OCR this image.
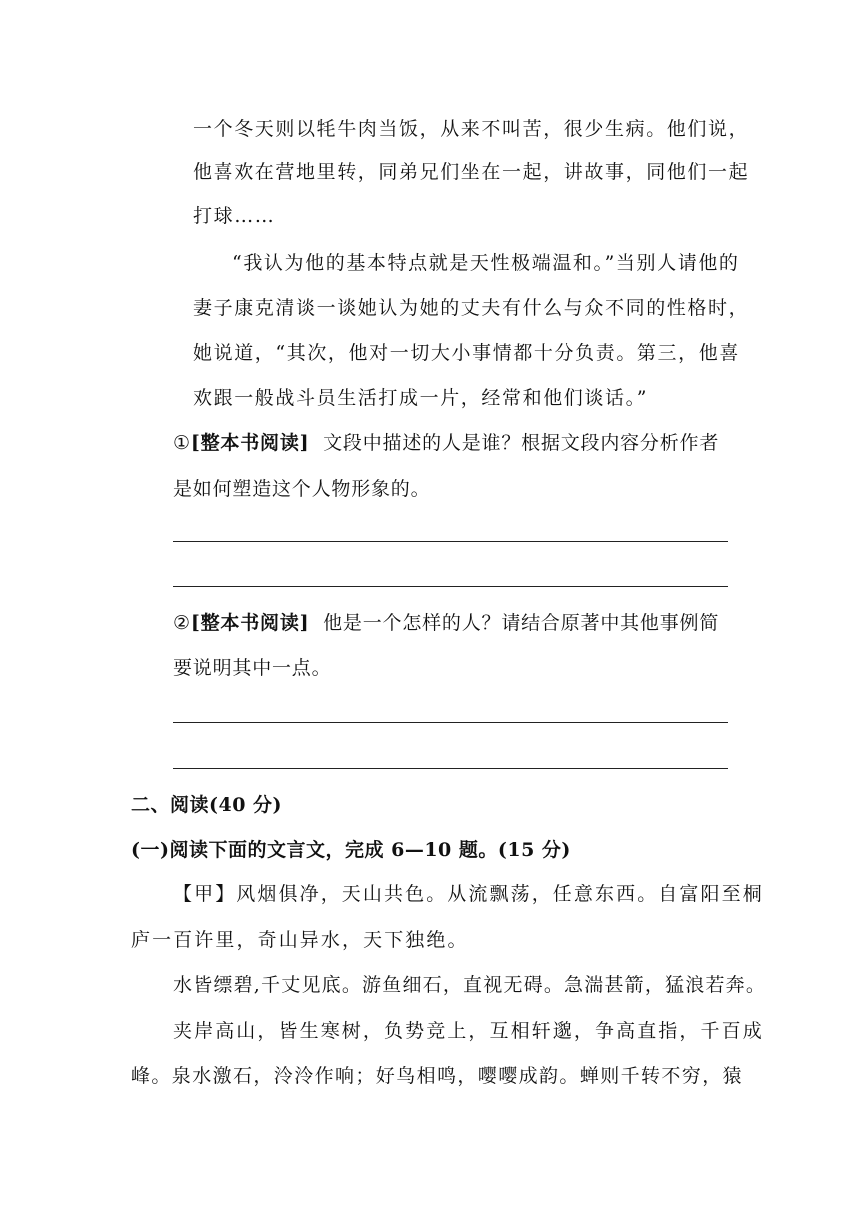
一个冬天则以牦牛肉当饭，从来不叫苦，很少生病。他们说，
他喜欢在营地里转，同弟兄们坐在一起，讲故事，同他们一起
打球……
“我认为他的基本特点就是天性极端温和。”当别人请他的
妻子康克清谈一谈她认为她的丈夫有什么与众不同的性格时，
她说道，“其次，他对一切大小事情都十分负责。第三，他喜
欢跟一般战斗员生活打成一片，经常和他们谈话。”
①[整本书阅读] 文段中描述的人是谁？根据文段内容分析作者
是如何塑造这个人物形象的。
②[整本书阅读] 他是一个怎样的人？请结合原著中其他事例简
要说明其中一点。
二、阅读(40 分)
(一)阅读下面的文言文，完成 6—10 题。(15 分)
【甲】风烟俱净，天山共色。从流飘荡，任意东西。自富阳至桐
庐一百许里，奇山异水，天下独绝。
水皆缥碧,千丈见底。游鱼细石，直视无碍。急湍甚箭，猛浪若奔。
夹岸高山，皆生寒树，负势竞上，互相轩邈，争高直指，千百成
峰。泉水激石，泠泠作响；好鸟相鸣，嘤嘤成韵。蝉则千转不穷，猿
